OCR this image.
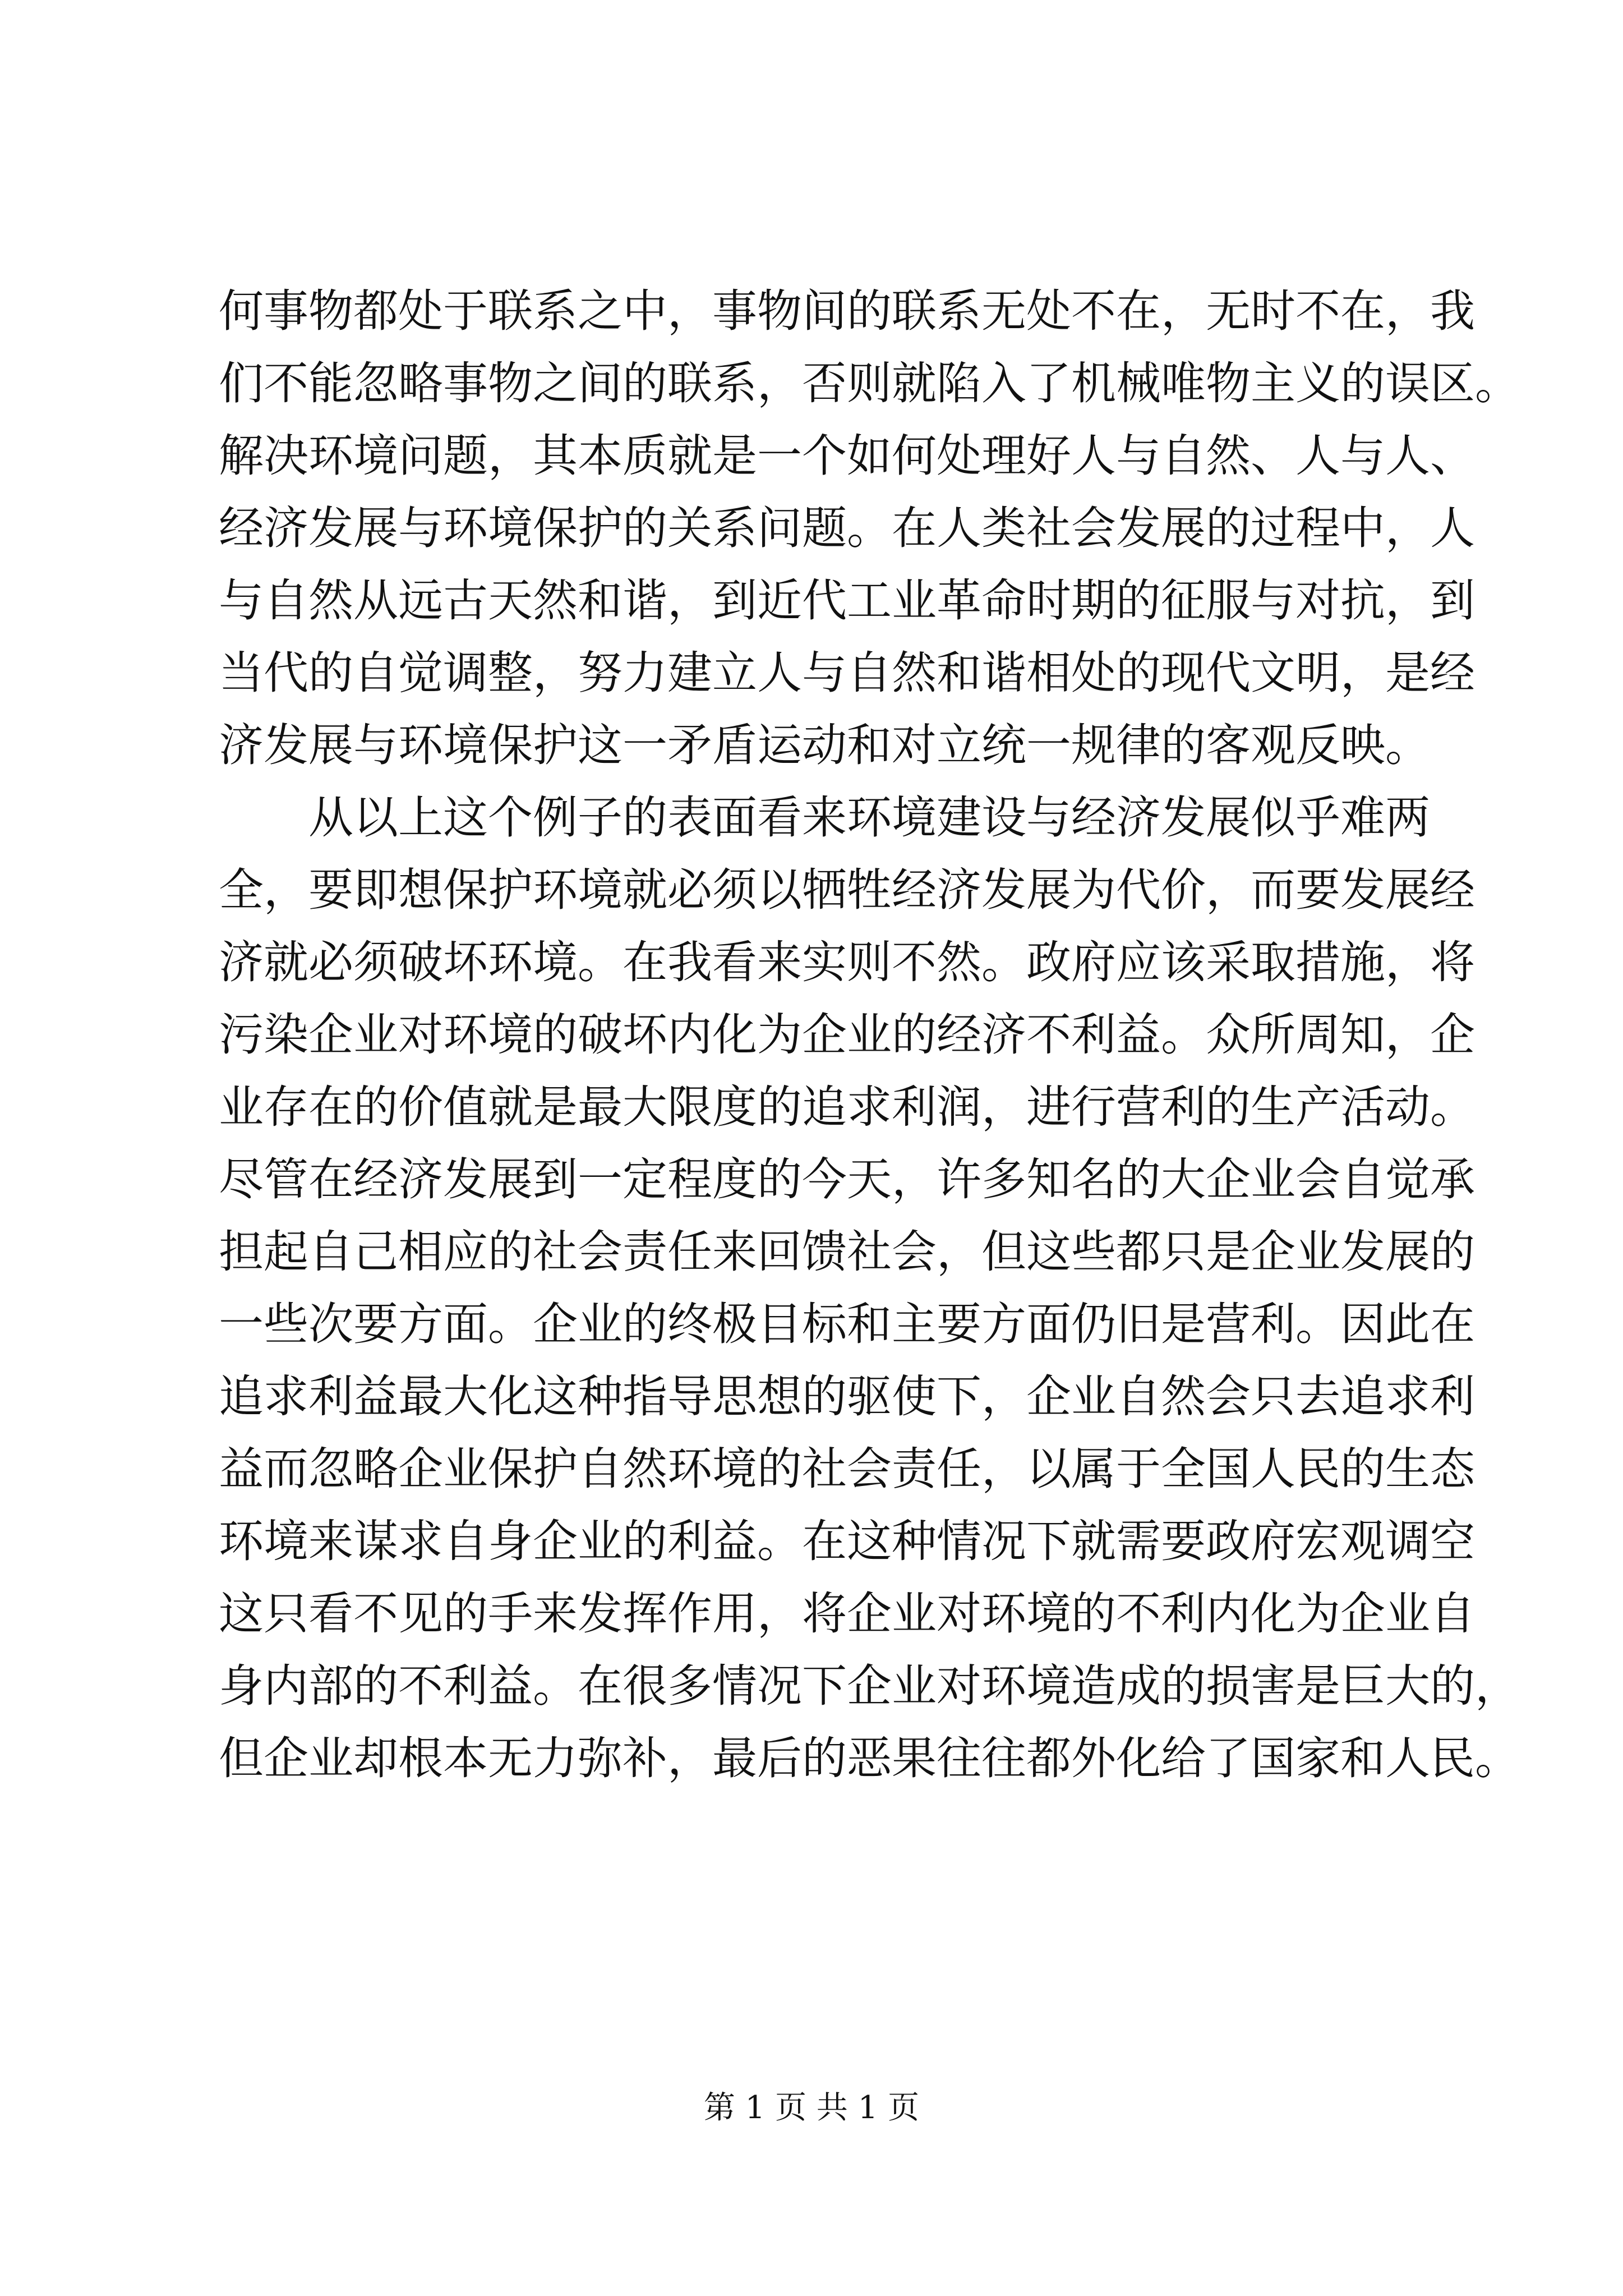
何事物都处于联系之中，事物间的联系无处不在，无时不在，我
们不能忽略事物之间的联系，否则就陷入了机械唯物主义的误区。
解决环境问题，其本质就是一个如何处理好人与自然、人与人、
经济发展与环境保护的关系问题。在人类社会发展的过程中，人
与自然从远古天然和谐，到近代工业革命时期的征服与对抗，到
当代的自觉调整，努力建立人与自然和谐相处的现代文明，是经
济发展与环境保护这一矛盾运动和对立统一规律的客观反映。
　　从以上这个例子的表面看来环境建设与经济发展似乎难两
全，要即想保护环境就必须以牺牲经济发展为代价，而要发展经
济就必须破坏环境。在我看来实则不然。政府应该采取措施，将
污染企业对环境的破坏内化为企业的经济不利益。众所周知，企
业存在的价值就是最大限度的追求利润，进行营利的生产活动。
尽管在经济发展到一定程度的今天，许多知名的大企业会自觉承
担起自己相应的社会责任来回馈社会，但这些都只是企业发展的
一些次要方面。企业的终极目标和主要方面仍旧是营利。因此在
追求利益最大化这种指导思想的驱使下，企业自然会只去追求利
益而忽略企业保护自然环境的社会责任，以属于全国人民的生态
环境来谋求自身企业的利益。在这种情况下就需要政府宏观调空
这只看不见的手来发挥作用，将企业对环境的不利内化为企业自
身内部的不利益。在很多情况下企业对环境造成的损害是巨大的，
但企业却根本无力弥补，最后的恶果往往都外化给了国家和人民。
第 1 页 共 1 页
